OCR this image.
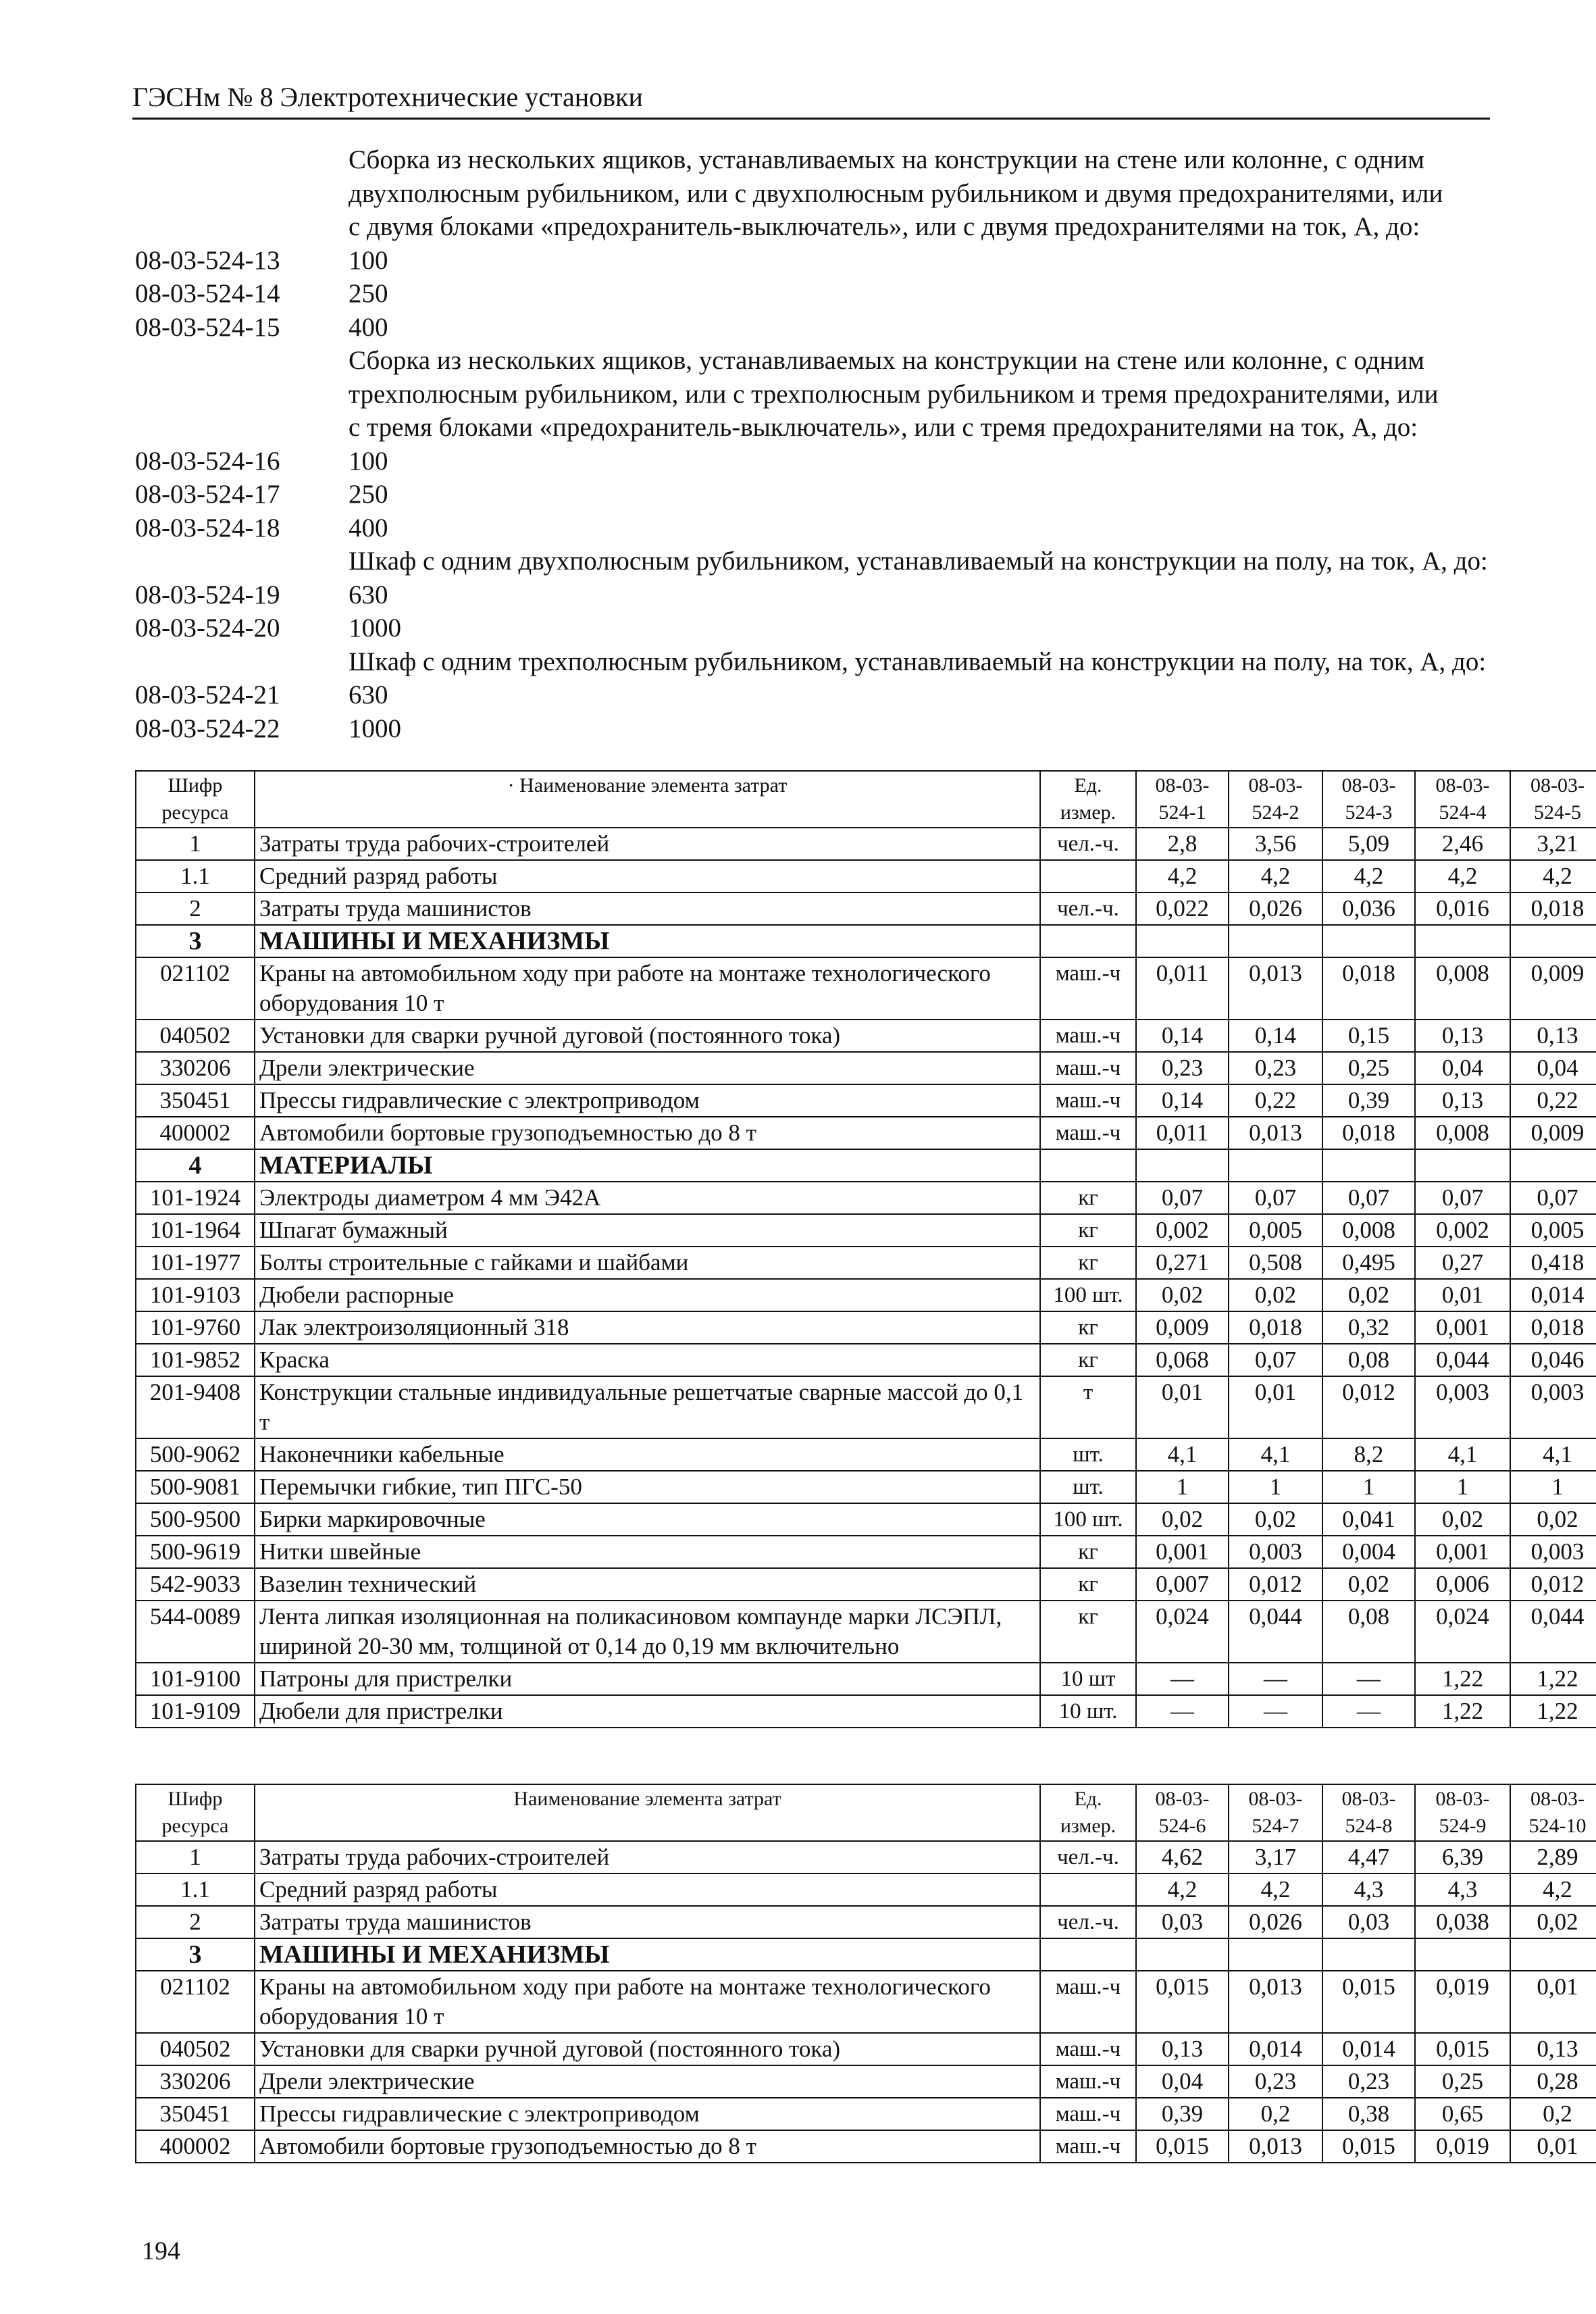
ГЭСНм № 8 Электротехнические установки
Сборка из нескольких ящиков, устанавливаемых на конструкции на стене или колонне, с одним
двухполюсным рубильником, или с двухполюсным рубильником и двумя предохранителями, или
с двумя блоками «предохранитель-выключатель», или с двумя предохранителями на ток, А, до:
08-03-524-13	100
08-03-524-14	250
08-03-524-15	400
Сборка из нескольких ящиков, устанавливаемых на конструкции на стене или колонне, с одним
трехполюсным рубильником, или с трехполюсным рубильником и тремя предохранителями, или
с тремя блоками «предохранитель-выключатель», или с тремя предохранителями на ток, А, до:
08-03-524-16	100
08-03-524-17	250
08-03-524-18	400
Шкаф с одним двухполюсным рубильником, устанавливаемый на конструкции на полу, на ток, А, до:
08-03-524-19	630
08-03-524-20	1000
Шкаф с одним трехполюсным рубильником, устанавливаемый на конструкции на полу, на ток, А, до:
08-03-524-21	630
08-03-524-22	1000
Шифр ресурса	· Наименование элемента затрат	Ед. измер.	08-03-524-1	08-03-524-2	08-03-524-3	08-03-524-4	08-03-524-5
1	Затраты труда рабочих-строителей	чел.-ч.	2,8	3,56	5,09	2,46	3,21
1.1	Средний разряд работы		4,2	4,2	4,2	4,2	4,2
2	Затраты труда машинистов	чел.-ч.	0,022	0,026	0,036	0,016	0,018
3	МАШИНЫ И МЕХАНИЗМЫ						
021102	Краны на автомобильном ходу при работе на монтаже технологического оборудования 10 т	маш.-ч	0,011	0,013	0,018	0,008	0,009
040502	Установки для сварки ручной дуговой (постоянного тока)	маш.-ч	0,14	0,14	0,15	0,13	0,13
330206	Дрели электрические	маш.-ч	0,23	0,23	0,25	0,04	0,04
350451	Прессы гидравлические с электроприводом	маш.-ч	0,14	0,22	0,39	0,13	0,22
400002	Автомобили бортовые грузоподъемностью до 8 т	маш.-ч	0,011	0,013	0,018	0,008	0,009
4	МАТЕРИАЛЫ						
101-1924	Электроды диаметром 4 мм Э42А	кг	0,07	0,07	0,07	0,07	0,07
101-1964	Шпагат бумажный	кг	0,002	0,005	0,008	0,002	0,005
101-1977	Болты строительные с гайками и шайбами	кг	0,271	0,508	0,495	0,27	0,418
101-9103	Дюбели распорные	100 шт.	0,02	0,02	0,02	0,01	0,014
101-9760	Лак электроизоляционный 318	кг	0,009	0,018	0,32	0,001	0,018
101-9852	Краска	кг	0,068	0,07	0,08	0,044	0,046
201-9408	Конструкции стальные индивидуальные решетчатые сварные массой до 0,1 т	т	0,01	0,01	0,012	0,003	0,003
500-9062	Наконечники кабельные	шт.	4,1	4,1	8,2	4,1	4,1
500-9081	Перемычки гибкие, тип ПГС-50	шт.	1	1	1	1	1
500-9500	Бирки маркировочные	100 шт.	0,02	0,02	0,041	0,02	0,02
500-9619	Нитки швейные	кг	0,001	0,003	0,004	0,001	0,003
542-9033	Вазелин технический	кг	0,007	0,012	0,02	0,006	0,012
544-0089	Лента липкая изоляционная на поликасиновом компаунде марки ЛСЭПЛ, шириной 20-30 мм, толщиной от 0,14 до 0,19 мм включительно	кг	0,024	0,044	0,08	0,024	0,044
101-9100	Патроны для пристрелки	10 шт	—	—	—	1,22	1,22
101-9109	Дюбели для пристрелки	10 шт.	—	—	—	1,22	1,22
Шифр ресурса	Наименование элемента затрат	Ед. измер.	08-03-524-6	08-03-524-7	08-03-524-8	08-03-524-9	08-03-524-10
1	Затраты труда рабочих-строителей	чел.-ч.	4,62	3,17	4,47	6,39	2,89
1.1	Средний разряд работы		4,2	4,2	4,3	4,3	4,2
2	Затраты труда машинистов	чел.-ч.	0,03	0,026	0,03	0,038	0,02
3	МАШИНЫ И МЕХАНИЗМЫ						
021102	Краны на автомобильном ходу при работе на монтаже технологического оборудования 10 т	маш.-ч	0,015	0,013	0,015	0,019	0,01
040502	Установки для сварки ручной дуговой (постоянного тока)	маш.-ч	0,13	0,014	0,014	0,015	0,13
330206	Дрели электрические	маш.-ч	0,04	0,23	0,23	0,25	0,28
350451	Прессы гидравлические с электроприводом	маш.-ч	0,39	0,2	0,38	0,65	0,2
400002	Автомобили бортовые грузоподъемностью до 8 т	маш.-ч	0,015	0,013	0,015	0,019	0,01
194
